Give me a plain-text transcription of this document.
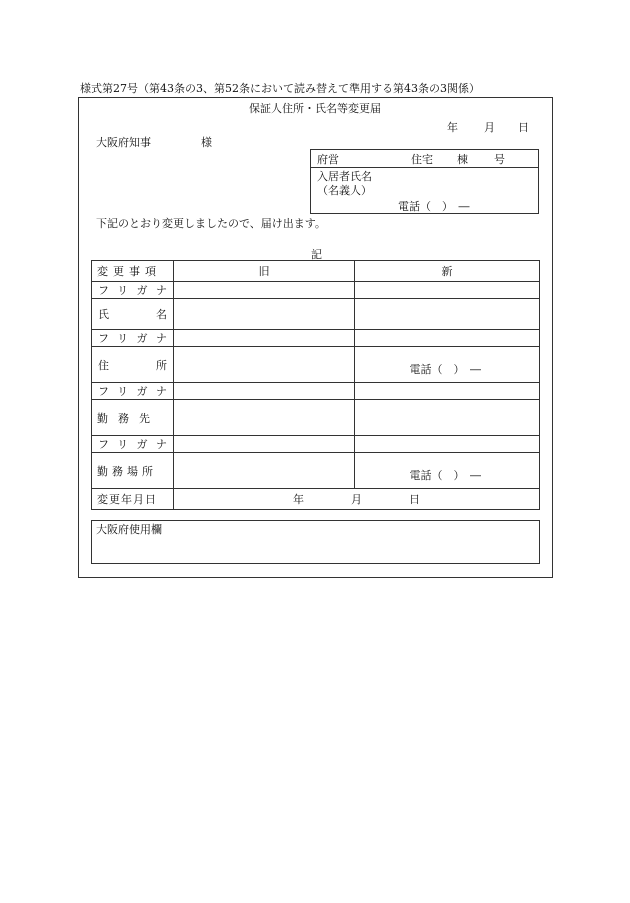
様式第27号（第43条の3、第52条において読み替えて準用する第43条の3関係）
保証人住所・氏名等変更届
年 月 日
大阪府知事	様
府営	住宅 棟 号
入居者氏名
（名義人）
電話（　）　―
下記のとおり変更しましたので、届け出ます。
記
変更事項	旧	新
フリガナ		
氏名		
フリガナ		
住所		電話（　）　―

フリガナ		
勤務先		
フリガナ		
勤務場所		電話（　）　―

変更年月日	年 月 日	
大阪府使用欄
